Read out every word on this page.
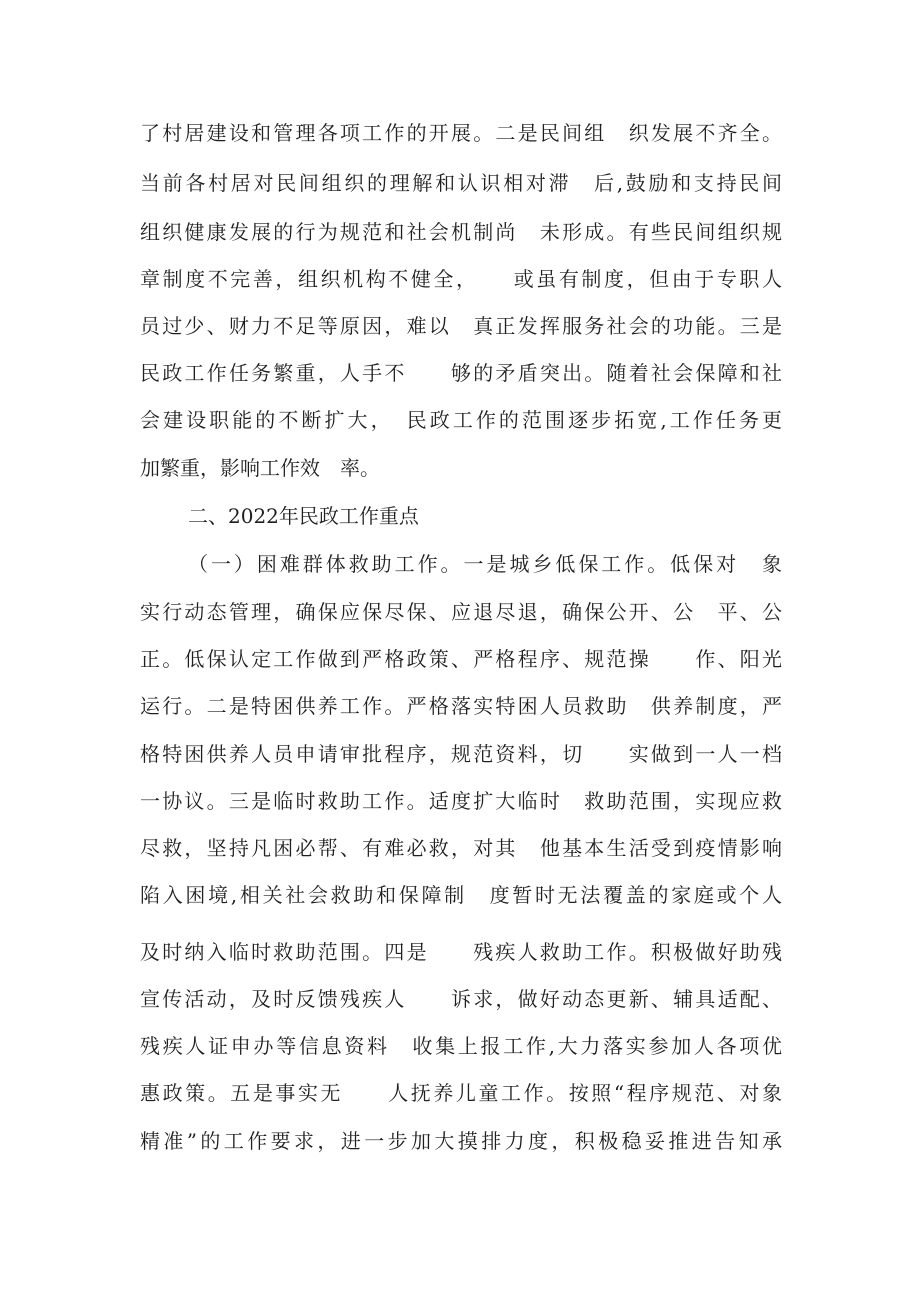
了村居建设和管理各项工作的开展。二是民间组　织发展不齐全。
当前各村居对民间组织的理解和认识相对滞　后,鼓励和支持民间
组织健康发展的行为规范和社会机制尚　未形成。有些民间组织规
章制度不完善，组织机构不健全，　　或虽有制度，但由于专职人
员过少、财力不足等原因，难以　真正发挥服务社会的功能。三是
民政工作任务繁重，人手不　　够的矛盾突出。随着社会保障和社
会建设职能的不断扩大，　民政工作的范围逐步拓宽,工作任务更
加繁重，影响工作效　率。
二、2022年民政工作重点
（一）困难群体救助工作。一是城乡低保工作。低保对　象
实行动态管理，确保应保尽保、应退尽退，确保公开、公　平、公
正。低保认定工作做到严格政策、严格程序、规范操　　作、阳光
运行。二是特困供养工作。严格落实特困人员救助　供养制度，严
格特困供养人员申请审批程序，规范资料，切　　实做到一人一档
一协议。三是临时救助工作。适度扩大临时　救助范围，实现应救
尽救，坚持凡困必帮、有难必救，对其　他基本生活受到疫情影响
陷入困境,相关社会救助和保障制　度暂时无法覆盖的家庭或个人
及时纳入临时救助范围。四是　　残疾人救助工作。积极做好助残
宣传活动，及时反馈残疾人　　诉求，做好动态更新、辅具适配、
残疾人证申办等信息资料　收集上报工作,大力落实参加人各项优
惠政策。五是事实无　　人抚养儿童工作。按照“程序规范、对象
精准”的工作要求，进一步加大摸排力度，积极稳妥推进告知承
